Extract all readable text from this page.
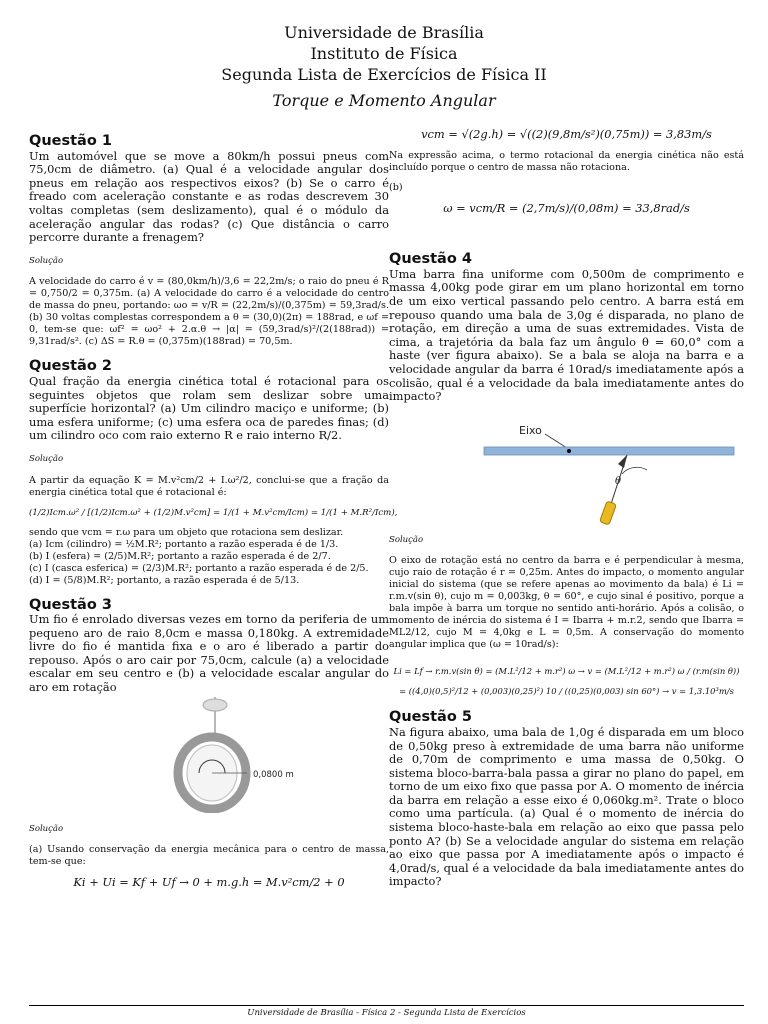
Universidade de Brasília
Instituto de Física
Segunda Lista de Exercícios de Física II
Torque e Momento Angular
Questão 1

Um automóvel que se move a 80km/h possui pneus com 75,0cm de diâmetro. (a) Qual é a velocidade angular dos pneus em relação aos respectivos eixos? (b) Se o carro é freado com aceleração constante e as rodas descrevem 30 voltas completas (sem deslizamento), qual é o módulo da aceleração angular das rodas? (c) Que distância o carro percorre durante a frenagem?

Solução

A velocidade do carro é v = (80,0km/h)/3,6 = 22,2m/s; o raio do pneu é R = 0,750/2 = 0,375m. (a) A velocidade do carro é a velocidade do centro de massa do pneu, portando: ωo = v/R = (22,2m/s)/(0,375m) = 59,3rad/s. (b) 30 voltas complestas correspondem a θ = (30,0)(2π) = 188rad, e ωf = 0, tem-se que: ωf² = ωo² + 2.α.θ → |α| = (59,3rad/s)²/(2(188rad)) = 9,31rad/s². (c) ΔS = R.θ = (0,375m)(188rad) = 70,5m.

Questão 2

Qual fração da energia cinética total é rotacional para os seguintes objetos que rolam sem deslizar sobre uma superfície horizontal? (a) Um cilindro maciço e uniforme; (b) uma esfera uniforme; (c) uma esfera oca de paredes finas; (d) um cilindro oco com raio externo R e raio interno R/2.

Solução

A partir da equação K = M.v²cm/2 + I.ω²/2, conclui-se que a fração da energia cinética total que é rotacional é:

(1/2)Icm.ω² / [(1/2)Icm.ω² + (1/2)M.v²cm] = 1/(1 + M.v²cm/Icm) = 1/(1 + M.R²/Icm),

sendo que vcm = r.ω para um objeto que rotaciona sem deslizar.

(a) Icm (cilindro) = ½M.R²; portanto a razão esperada é de 1/3.

(b) I (esfera) = (2/5)M.R²; portanto a razão esperada é de 2/7.

(c) I (casca esferica) = (2/3)M.R²; portanto a razão esperada é de 2/5.

(d) I = (5/8)M.R²; portanto, a razão esperada é de 5/13.

Questão 3

Um fio é enrolado diversas vezes em torno da periferia de um pequeno aro de raio 8,0cm e massa 0,180kg. A extremidade livre do fio é mantida fixa e o aro é liberado a partir do repouso. Após o aro cair por 75,0cm, calcule (a) a velocidade escalar em seu centro e (b) a velocidade escalar angular do aro em rotação

0,0800 m
Solução

(a) Usando conservação da energia mecânica para o centro de massa, tem-se que:

Ki + Ui = Kf + Uf → 0 + m.g.h = M.v²cm/2 + 0
vcm = √(2g.h) = √((2)(9,8m/s²)(0,75m)) = 3,83m/s

Na expressão acima, o termo rotacional da energia cinética não está incluído porque o centro de massa não rotaciona.

(b)

ω = vcm/R = (2,7m/s)/(0,08m) = 33,8rad/s
Questão 4

Uma barra fina uniforme com 0,500m de comprimento e massa 4,00kg pode girar em um plano horizontal em torno de um eixo vertical passando pelo centro. A barra está em repouso quando uma bala de 3,0g é disparada, no plano de rotação, em direção a uma de suas extremidades. Vista de cima, a trajetória da bala faz um ângulo θ = 60,0° com a haste (ver figura abaixo). Se a bala se aloja na barra e a velocidade angular da barra é 10rad/s imediatamente após a colisão, qual é a velocidade da bala imediatamente antes do impacto?

Eixo
θ
Solução

O eixo de rotação está no centro da barra e é perpendicular à mesma, cujo raio de rotação é r = 0,25m. Antes do impacto, o momento angular inicial do sistema (que se refere apenas ao movimento da bala) é Li = r.m.v(sin θ), cujo m = 0,003kg, θ = 60°, e cujo sinal é positivo, porque a bala impõe à barra um torque no sentido anti-horário. Após a colisão, o momento de inércia do sistema é I = Ibarra + m.r.2, sendo que Ibarra = ML2/12, cujo M = 4,0kg e L = 0,5m. A conservação do momento angular implica que (ω = 10rad/s):

Li = Lf → r.m.v(sin θ) = (M.L²/12 + m.r²) ω → v = (M.L²/12 + m.r²) ω / (r.m(sin θ))
= ((4,0)(0,5)²/12 + (0,003)(0,25)²) 10 / ((0,25)(0,003) sin 60°) → v = 1,3.10³m/s
Questão 5

Na figura abaixo, uma bala de 1,0g é disparada em um bloco de 0,50kg preso à extremidade de uma barra não uniforme de 0,70m de comprimento e uma massa de 0,50kg. O sistema bloco-barra-bala passa a girar no plano do papel, em torno de um eixo fixo que passa por A. O momento de inércia da barra em relação a esse eixo é 0,060kg.m². Trate o bloco como uma partícula. (a) Qual é o momento de inércia do sistema bloco-haste-bala em relação ao eixo que passa pelo ponto A? (b) Se a velocidade angular do sistema em relação ao eixo que passa por A imediatamente após o impacto é 4,0rad/s, qual é a velocidade da bala imediatamente antes do impacto?

Universidade de Brasília - Física 2 - Segunda Lista de Exercícios
